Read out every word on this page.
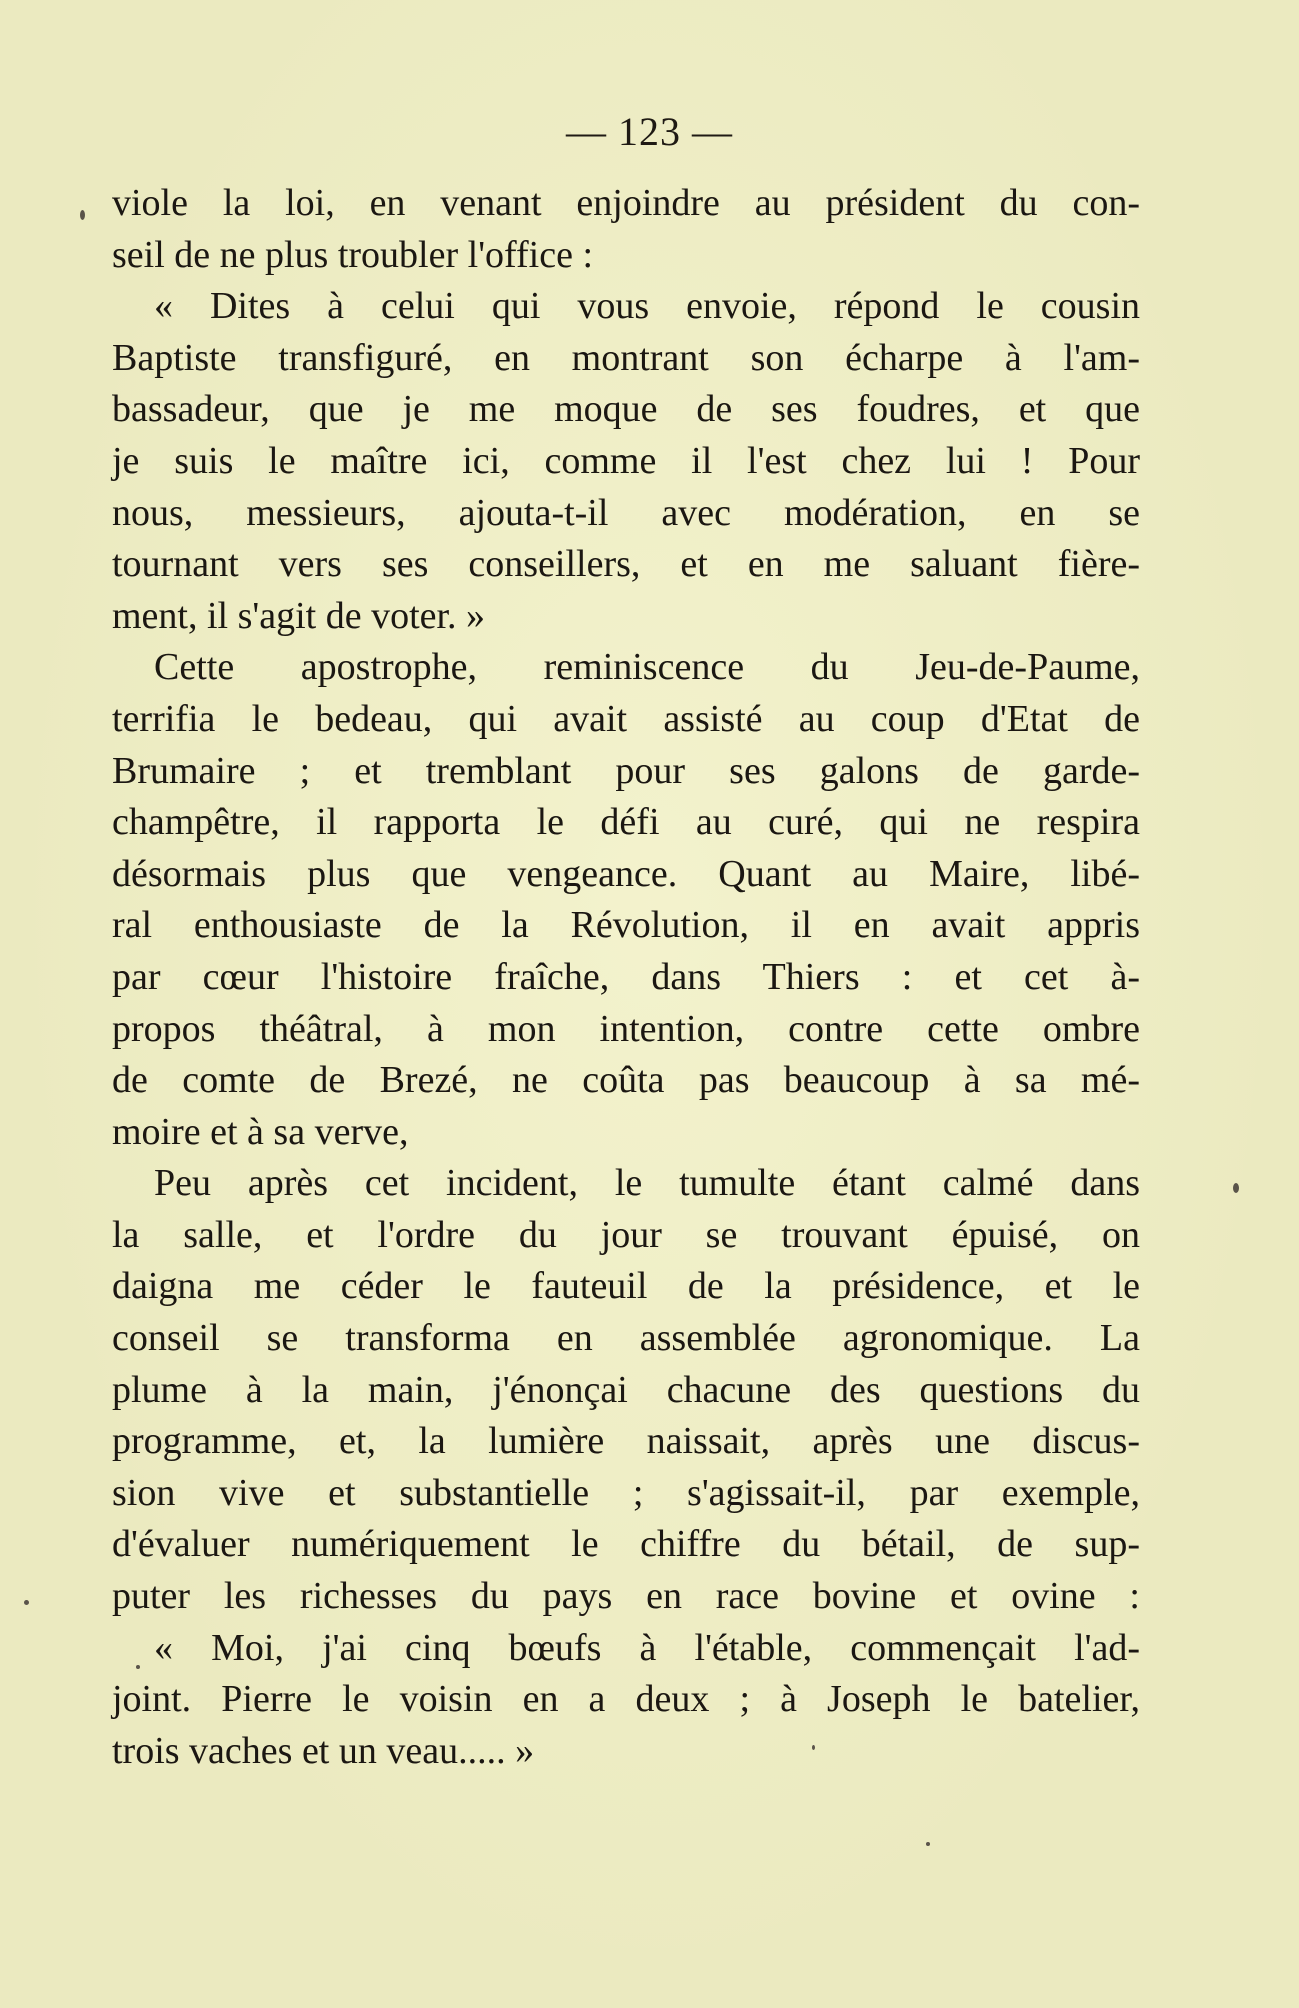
— 123 —
viole la loi, en venant enjoindre au président du con-
seil de ne plus troubler l'office :
« Dites à celui qui vous envoie, répond le cousin
Baptiste transfiguré, en montrant son écharpe à l'am-
bassadeur, que je me moque de ses foudres, et que
je suis le maître ici, comme il l'est chez lui ! Pour
nous, messieurs, ajouta-t-il avec modération, en se
tournant vers ses conseillers, et en me saluant fière-
ment, il s'agit de voter. »
Cette apostrophe, reminiscence du Jeu-de-Paume,
terrifia le bedeau, qui avait assisté au coup d'Etat de
Brumaire ; et tremblant pour ses galons de garde-
champêtre, il rapporta le défi au curé, qui ne respira
désormais plus que vengeance. Quant au Maire, libé-
ral enthousiaste de la Révolution, il en avait appris
par cœur l'histoire fraîche, dans Thiers : et cet à-
propos théâtral, à mon intention, contre cette ombre
de comte de Brezé, ne coûta pas beaucoup à sa mé-
moire et à sa verve,
Peu après cet incident, le tumulte étant calmé dans
la salle, et l'ordre du jour se trouvant épuisé, on
daigna me céder le fauteuil de la présidence, et le
conseil se transforma en assemblée agronomique. La
plume à la main, j'énonçai chacune des questions du
programme, et, la lumière naissait, après une discus-
sion vive et substantielle ; s'agissait-il, par exemple,
d'évaluer numériquement le chiffre du bétail, de sup-
puter les richesses du pays en race bovine et ovine :
« Moi, j'ai cinq bœufs à l'étable, commençait l'ad-
joint. Pierre le voisin en a deux ; à Joseph le batelier,
trois vaches et un veau..... »
